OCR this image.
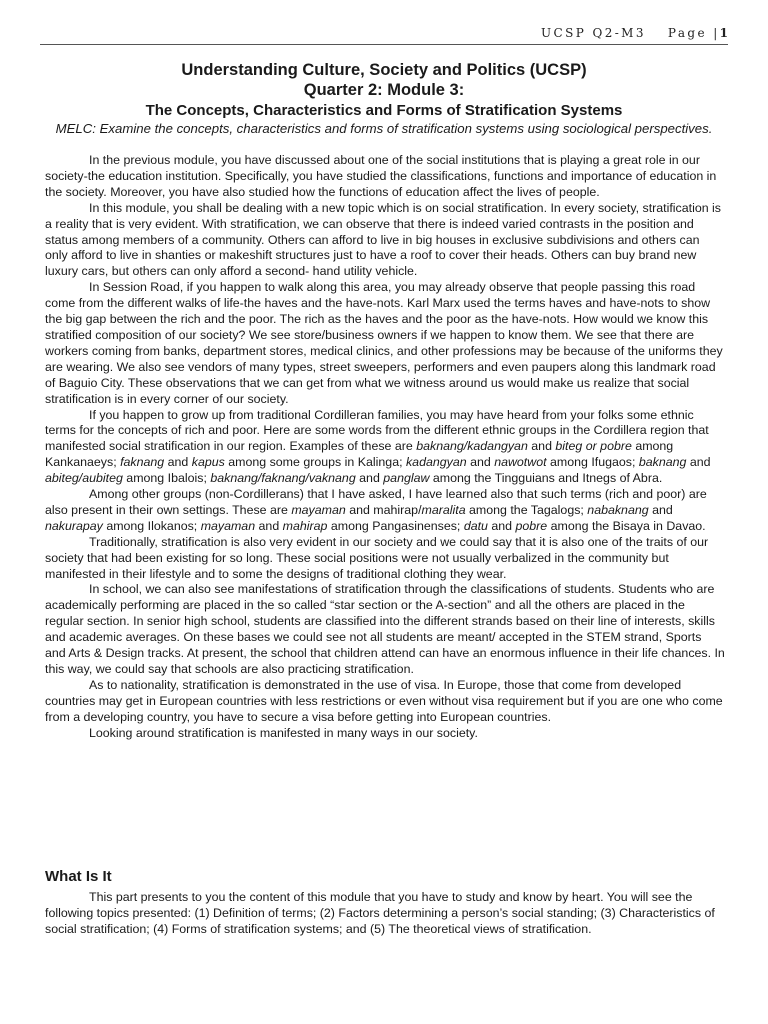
UCSP Q2-M3 Page |1
Understanding Culture, Society and Politics (UCSP)
Quarter 2: Module 3:
The Concepts, Characteristics and Forms of Stratification Systems
MELC: Examine the concepts, characteristics and forms of stratification systems using sociological perspectives.

In the previous module, you have discussed about one of the social institutions that is playing a great role in our society-the education institution. Specifically, you have studied the classifications, functions and importance of education in the society. Moreover, you have also studied how the functions of education affect the lives of people.

In this module, you shall be dealing with a new topic which is on social stratification. In every society, stratification is a reality that is very evident. With stratification, we can observe that there is indeed varied contrasts in the position and status among members of a community. Others can afford to live in big houses in exclusive subdivisions and others can only afford to live in shanties or makeshift structures just to have a roof to cover their heads. Others can buy brand new luxury cars, but others can only afford a second- hand utility vehicle.

In Session Road, if you happen to walk along this area, you may already observe that people passing this road come from the different walks of life-the haves and the have-nots. Karl Marx used the terms haves and have-nots to show the big gap between the rich and the poor. The rich as the haves and the poor as the have-nots. How would we know this stratified composition of our society? We see store/business owners if we happen to know them. We see that there are workers coming from banks, department stores, medical clinics, and other professions may be because of the uniforms they are wearing. We also see vendors of many types, street sweepers, performers and even paupers along this landmark road of Baguio City. These observations that we can get from what we witness around us would make us realize that social stratification is in every corner of our society.

If you happen to grow up from traditional Cordilleran families, you may have heard from your folks some ethnic terms for the concepts of rich and poor. Here are some words from the different ethnic groups in the Cordillera region that manifested social stratification in our region. Examples of these are baknang/kadangyan and biteg or pobre among Kankanaeys; faknang and kapus among some groups in Kalinga; kadangyan and nawotwot among Ifugaos; baknang and abiteg/aubiteg among Ibalois; baknang/faknang/vaknang and panglaw among the Tingguians and Itnegs of Abra.

Among other groups (non-Cordillerans) that I have asked, I have learned also that such terms (rich and poor) are also present in their own settings. These are mayaman and mahirap/maralita among the Tagalogs; nabaknang and nakurapay among Ilokanos; mayaman and mahirap among Pangasinenses; datu and pobre among the Bisaya in Davao.

Traditionally, stratification is also very evident in our society and we could say that it is also one of the traits of our society that had been existing for so long. These social positions were not usually verbalized in the community but manifested in their lifestyle and to some the designs of traditional clothing they wear.

In school, we can also see manifestations of stratification through the classifications of students. Students who are academically performing are placed in the so called “star section or the A-section” and all the others are placed in the regular section. In senior high school, students are classified into the different strands based on their line of interests, skills and academic averages. On these bases we could see not all students are meant/ accepted in the STEM strand, Sports and Arts & Design tracks. At present, the school that children attend can have an enormous influence in their life chances. In this way, we could say that schools are also practicing stratification.

As to nationality, stratification is demonstrated in the use of visa. In Europe, those that come from developed countries may get in European countries with less restrictions or even without visa requirement but if you are one who come from a developing country, you have to secure a visa before getting into European countries.

Looking around stratification is manifested in many ways in our society.

What Is It

This part presents to you the content of this module that you have to study and know by heart. You will see the following topics presented: (1) Definition of terms; (2) Factors determining a person’s social standing; (3) Characteristics of social stratification; (4) Forms of stratification systems; and (5) The theoretical views of stratification.
